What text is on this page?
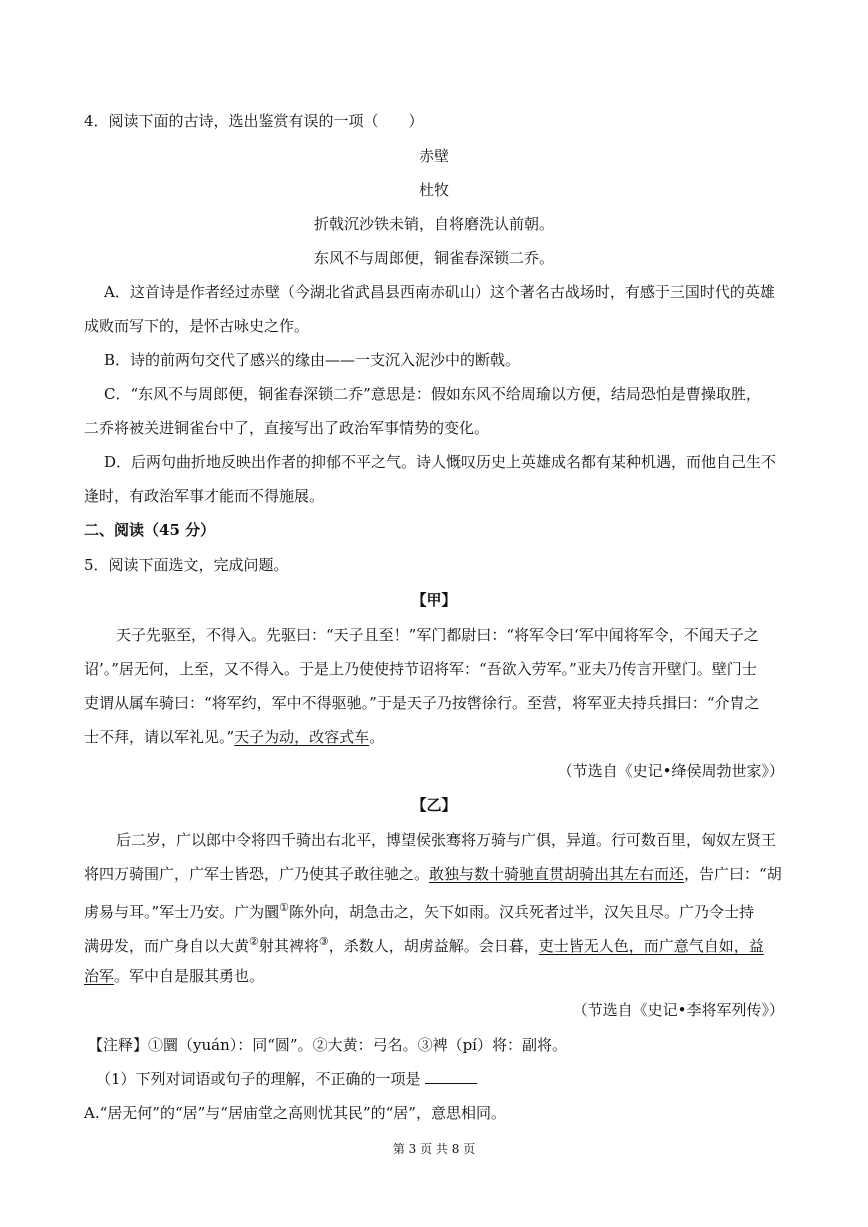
4．阅读下面的古诗，选出鉴赏有误的一项（　　）
赤壁
杜牧
折戟沉沙铁未销，自将磨洗认前朝。
东风不与周郎便，铜雀春深锁二乔。
A．这首诗是作者经过赤壁（今湖北省武昌县西南赤矶山）这个著名古战场时，有感于三国时代的英雄
成败而写下的，是怀古咏史之作。
B．诗的前两句交代了感兴的缘由——一支沉入泥沙中的断戟。
C．“东风不与周郎便，铜雀春深锁二乔”意思是：假如东风不给周瑜以方便，结局恐怕是曹操取胜，
二乔将被关进铜雀台中了，直接写出了政治军事情势的变化。
D．后两句曲折地反映出作者的抑郁不平之气。诗人慨叹历史上英雄成名都有某种机遇，而他自己生不
逢时，有政治军事才能而不得施展。
二、阅读（45 分）
5．阅读下面选文，完成问题。
【甲】
天子先驱至，不得入。先驱曰：“天子且至！”军门都尉曰：“将军令曰‘军中闻将军令，不闻天子之
诏’。”居无何，上至，又不得入。于是上乃使使持节诏将军：“吾欲入劳军。”亚夫乃传言开壁门。壁门士
吏谓从属车骑曰：“将军约，军中不得驱驰。”于是天子乃按辔徐行。至营，将军亚夫持兵揖曰：“介胄之
士不拜，请以军礼见。”天子为动，改容式车。
（节选自《史记•绛侯周勃世家》）
【乙】
后二岁，广以郎中令将四千骑出右北平，博望侯张骞将万骑与广俱，异道。行可数百里，匈奴左贤王
将四万骑围广，广军士皆恐，广乃使其子敢往驰之。敢独与数十骑驰直贯胡骑出其左右而还，告广曰：“胡
虏易与耳。”军士乃安。广为圜①陈外向，胡急击之，矢下如雨。汉兵死者过半，汉矢且尽。广乃令士持
满毋发，而广身自以大黄②射其裨将③，杀数人，胡虏益解。会日暮，吏士皆无人色，而广意气自如，益
治军。军中自是服其勇也。
（节选自《史记•李将军列传》）
【注释】①圜（yuán）：同“圆”。②大黄：弓名。③裨（pí）将：副将。
（1）下列对词语或句子的理解，不正确的一项是
A.“居无何”的“居”与“居庙堂之高则忧其民”的“居”，意思相同。
第 3 页 共 8 页
